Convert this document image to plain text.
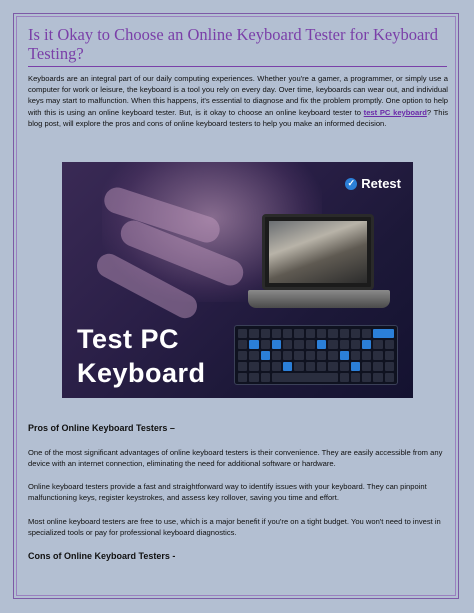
Is it Okay to Choose an Online Keyboard Tester for Keyboard Testing?

Keyboards are an integral part of our daily computing experiences. Whether you're a gamer, a programmer, or simply use a computer for work or leisure, the keyboard is a tool you rely on every day. Over time, keyboards can wear out, and individual keys may start to malfunction. When this happens, it's essential to diagnose and fix the problem promptly. One option to help with this is using an online keyboard tester. But, is it okay to choose an online keyboard tester to test PC keyboard? This blog post, will explore the pros and cons of online keyboard testers to help you make an informed decision.

✓ Retest
Test PC
Keyboard
Pros of Online Keyboard Testers –

One of the most significant advantages of online keyboard testers is their convenience. They are easily accessible from any device with an internet connection, eliminating the need for additional software or hardware.

Online keyboard testers provide a fast and straightforward way to identify issues with your keyboard. They can pinpoint malfunctioning keys, register keystrokes, and assess key rollover, saving you time and effort.

Most online keyboard testers are free to use, which is a major benefit if you're on a tight budget. You won't need to invest in specialized tools or pay for professional keyboard diagnostics.

Cons of Online Keyboard Testers -
